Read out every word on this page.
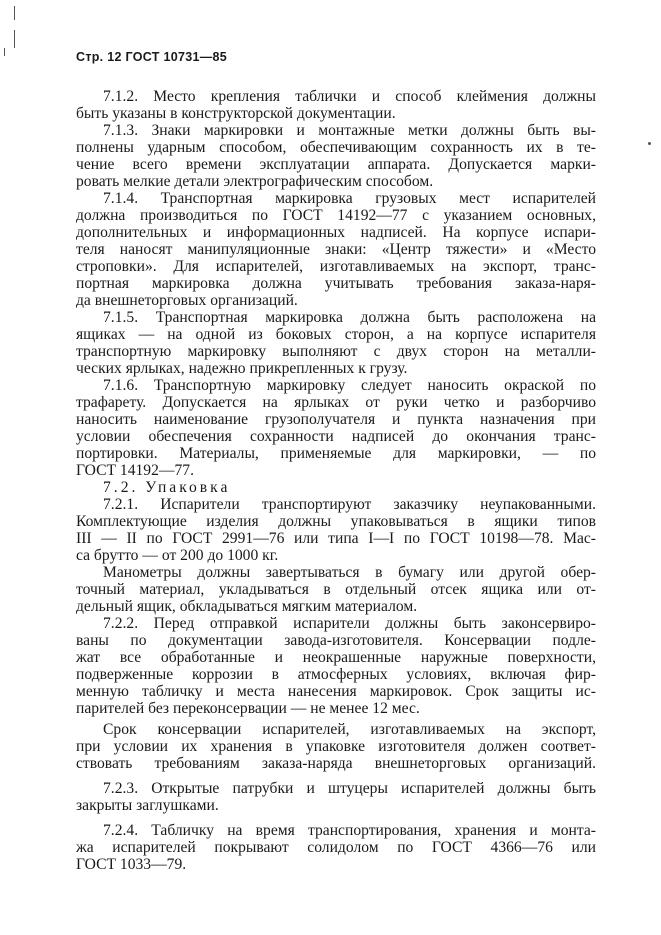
Стр. 12 ГОСТ 10731—85
7.1.2. Место крепления таблички и способ клеймения должны
быть указаны в конструкторской документации.
7.1.3. Знаки маркировки и монтажные метки должны быть вы-
полнены ударным способом, обеспечивающим сохранность их в те-
чение всего времени эксплуатации аппарата. Допускается марки-
ровать мелкие детали электрографическим способом.
7.1.4. Транспортная маркировка грузовых мест испарителей
должна производиться по ГОСТ 14192—77 с указанием основных,
дополнительных и информационных надписей. На корпусе испари-
теля наносят манипуляционные знаки: «Центр тяжести» и «Место
строповки». Для испарителей, изготавливаемых на экспорт, транс-
портная маркировка должна учитывать требования заказа-наря-
да внешнеторговых организаций.
7.1.5. Транспортная маркировка должна быть расположена на
ящиках — на одной из боковых сторон, а на корпусе испарителя
транспортную маркировку выполняют с двух сторон на металли-
ческих ярлыках, надежно прикрепленных к грузу.
7.1.6. Транспортную маркировку следует наносить окраской по
трафарету. Допускается на ярлыках от руки четко и разборчиво
наносить наименование грузополучателя и пункта назначения при
условии обеспечения сохранности надписей до окончания транс-
портировки. Материалы, применяемые для маркировки, — по
ГОСТ 14192—77.
7.2. Упаковка
7.2.1. Испарители транспортируют заказчику неупакованными.
Комплектующие изделия должны упаковываться в ящики типов
III — II по ГОСТ 2991—76 или типа I—I по ГОСТ 10198—78. Мас-
са брутто — от 200 до 1000 кг.
Манометры должны завертываться в бумагу или другой обер-
точный материал, укладываться в отдельный отсек ящика или от-
дельный ящик, обкладываться мягким материалом.
7.2.2. Перед отправкой испарители должны быть законсервиро-
ваны по документации завода-изготовителя. Консервации подле-
жат все обработанные и неокрашенные наружные поверхности,
подверженные коррозии в атмосферных условиях, включая фир-
менную табличку и места нанесения маркировок. Срок защиты ис-
парителей без переконсервации — не менее 12 мес.
Срок консервации испарителей, изготавливаемых на экспорт,
при условии их хранения в упаковке изготовителя должен соответ-
ствовать требованиям заказа-наряда внешнеторговых организаций.
7.2.3. Открытые патрубки и штуцеры испарителей должны быть
закрыты заглушками.
7.2.4. Табличку на время транспортирования, хранения и монта-
жа испарителей покрывают солидолом по ГОСТ 4366—76 или
ГОСТ 1033—79.
